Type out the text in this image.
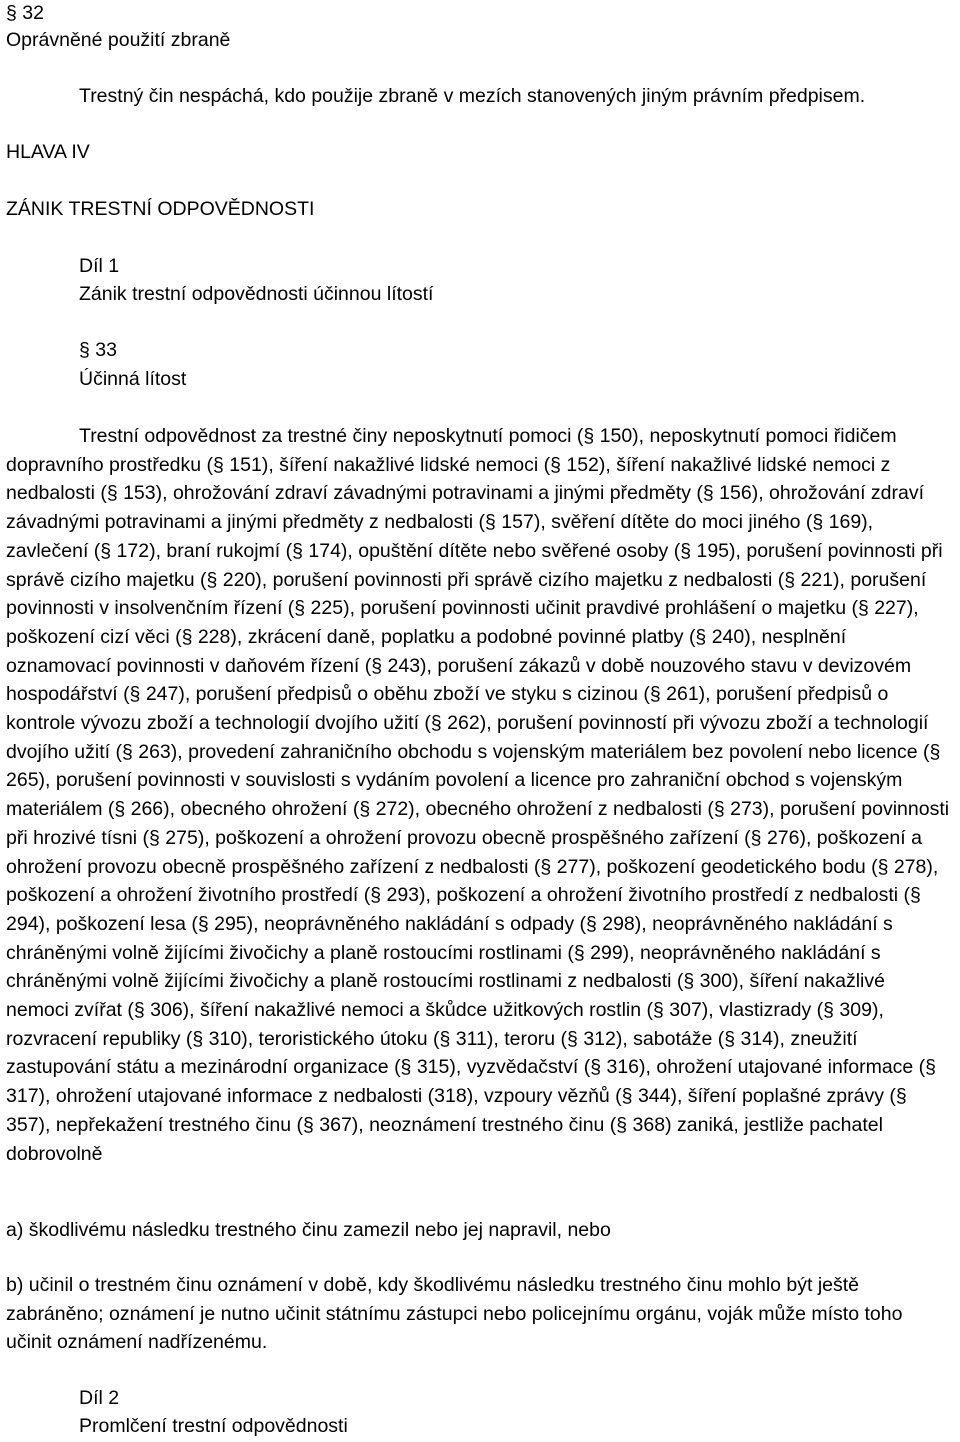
§ 32
Oprávněné použití zbraně
Trestný čin nespáchá, kdo použije zbraně v mezích stanovených jiným právním předpisem.
HLAVA IV
ZÁNIK TRESTNÍ ODPOVĚDNOSTI
Díl 1
Zánik trestní odpovědnosti účinnou lítostí
§ 33
Účinná lítost

Trestní odpovědnost za trestné činy neposkytnutí pomoci (§ 150), neposkytnutí pomoci řidičem dopravního prostředku (§ 151), šíření nakažlivé lidské nemoci (§ 152), šíření nakažlivé lidské nemoci z nedbalosti (§ 153), ohrožování zdraví závadnými potravinami a jinými předměty (§ 156), ohrožování zdraví závadnými potravinami a jinými předměty z nedbalosti (§ 157), svěření dítěte do moci jiného (§ 169), zavlečení (§ 172), braní rukojmí (§ 174), opuštění dítěte nebo svěřené osoby (§ 195), porušení povinnosti při správě cizího majetku (§ 220), porušení povinnosti při správě cizího majetku z nedbalosti (§ 221), porušení povinnosti v insolvenčním řízení (§ 225), porušení povinnosti učinit pravdivé prohlášení o majetku (§ 227), poškození cizí věci (§ 228), zkrácení daně, poplatku a podobné povinné platby (§ 240), nesplnění oznamovací povinnosti v daňovém řízení (§ 243), porušení zákazů v době nouzového stavu v devizovém hospodářství (§ 247), porušení předpisů o oběhu zboží ve styku s cizinou (§ 261), porušení předpisů o kontrole vývozu zboží a technologií dvojího užití (§ 262), porušení povinností při vývozu zboží a technologií dvojího užití (§ 263), provedení zahraničního obchodu s vojenským materiálem bez povolení nebo licence (§ 265), porušení povinnosti v souvislosti s vydáním povolení a licence pro zahraniční obchod s vojenským materiálem (§ 266), obecného ohrožení (§ 272), obecného ohrožení z nedbalosti (§ 273), porušení povinnosti při hrozivé tísni (§ 275), poškození a ohrožení provozu obecně prospěšného zařízení (§ 276), poškození a ohrožení provozu obecně prospěšného zařízení z nedbalosti (§ 277), poškození geodetického bodu (§ 278), poškození a ohrožení životního prostředí (§ 293), poškození a ohrožení životního prostředí z nedbalosti (§ 294), poškození lesa (§ 295), neoprávněného nakládání s odpady (§ 298), neoprávněného nakládání s chráněnými volně žijícími živočichy a planě rostoucími rostlinami (§ 299), neoprávněného nakládání s chráněnými volně žijícími živočichy a planě rostoucími rostlinami z nedbalosti (§ 300), šíření nakažlivé nemoci zvířat (§ 306), šíření nakažlivé nemoci a škůdce užitkových rostlin (§ 307), vlastizrady (§ 309), rozvracení republiky (§ 310), teroristického útoku (§ 311), teroru (§ 312), sabotáže (§ 314), zneužití zastupování státu a mezinárodní organizace (§ 315), vyzvědačství (§ 316), ohrožení utajované informace (§ 317), ohrožení utajované informace z nedbalosti (318), vzpoury vězňů (§ 344), šíření poplašné zprávy (§ 357), nepřekažení trestného činu (§ 367), neoznámení trestného činu (§ 368) zaniká, jestliže pachatel dobrovolně

a) škodlivému následku trestného činu zamezil nebo jej napravil, nebo

b) učinil o trestném činu oznámení v době, kdy škodlivému následku trestného činu mohlo být ještě zabráněno; oznámení je nutno učinit státnímu zástupci nebo policejnímu orgánu, voják může místo toho učinit oznámení nadřízenému.

Díl 2
Promlčení trestní odpovědnosti
